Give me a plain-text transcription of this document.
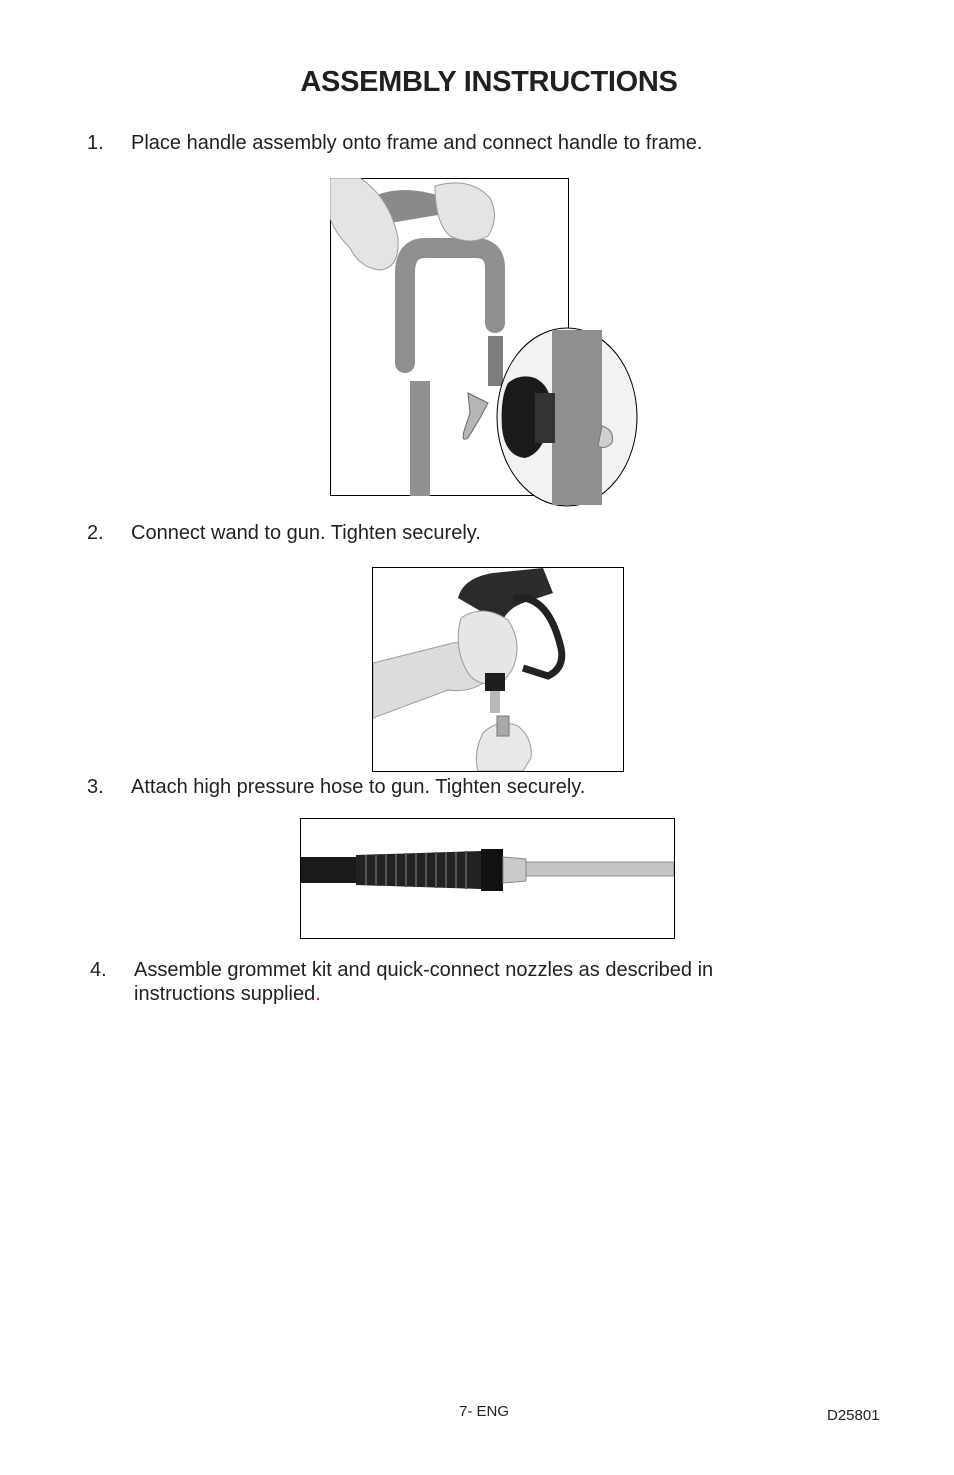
ASSEMBLY INSTRUCTIONS
1. Place handle assembly onto frame and connect handle to frame.
2. Connect wand to gun. Tighten securely.
3. Attach high pressure hose to gun. Tighten securely.
4. Assemble grommet kit and quick-connect nozzles as described in
instructions supplied.
7- ENG	D25801
